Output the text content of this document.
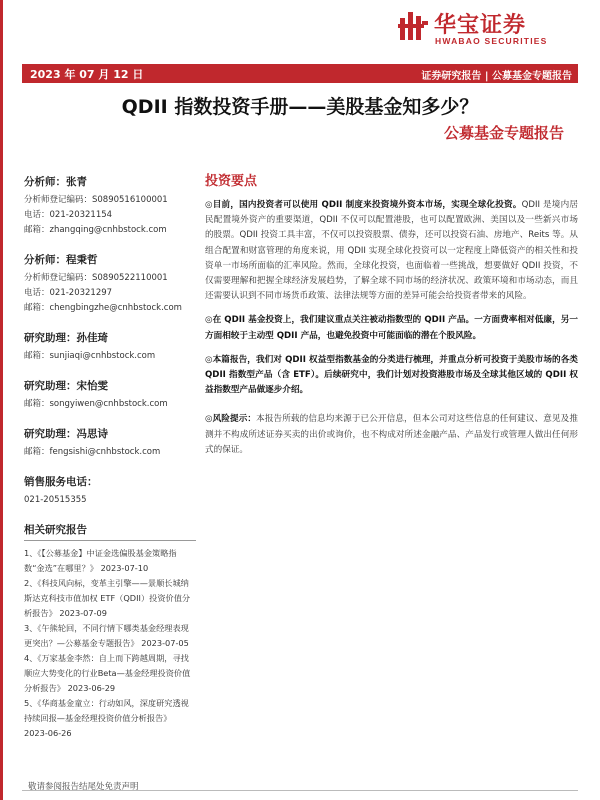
华宝证券
HWABAO SECURITIES
2023 年 07 月 12 日	证券研究报告 | 公募基金专题报告
QDII 指数投资手册——美股基金知多少？
公募基金专题报告
分析师：张青
分析师登记编码：S0890516100001
电话：021-20321154
邮箱：zhangqing@cnhbstock.com
分析师：程秉哲
分析师登记编码：S0890522110001
电话：021-20321297
邮箱：chengbingzhe@cnhbstock.com
研究助理：孙佳琦
邮箱：sunjiaqi@cnhbstock.com
研究助理：宋怡雯
邮箱：songyiwen@cnhbstock.com
研究助理：冯思诗
邮箱：fengsishi@cnhbstock.com
销售服务电话：
021-20515355
相关研究报告
1、《【公募基金】中证金选偏股基金策略指数“金选”在哪里？》 2023-07-10
2、《科技风向标，变革主引擎——景顺长城纳斯达克科技市值加权 ETF（QDII）投资价值分析报告》 2023-07-09
3、《午熊轮回，不同行情下哪类基金经理表现更突出？—公募基金专题报告》 2023-07-05
4、《万家基金李然：自上而下跨越周期，寻找顺应大势变化的行业Beta—基金经理投资价值分析报告》 2023-06-29
5、《华商基金童立：行动如风，深度研究透视持续回报—基金经理投资价值分析报告》 2023-06-26
投资要点
◎目前，国内投资者可以使用 QDII 制度来投资境外资本市场，实现全球化投资。QDII 是境内居民配置境外资产的重要渠道，QDII 不仅可以配置港股，也可以配置欧洲、美国以及一些新兴市场的股票。QDII 投资工具丰富，不仅可以投资股票、债券，还可以投资石油、房地产、Reits 等。从组合配置和财富管理的角度来说，用 QDII 实现全球化投资可以一定程度上降低资产的相关性和投资单一市场所面临的汇率风险。然而，全球化投资，也面临着一些挑战，想要做好 QDII 投资，不仅需要理解和把握全球经济发展趋势，了解全球不同市场的经济状况、政策环境和市场动态，而且还需要认识到不同市场货币政策、法律法规等方面的差异可能会给投资者带来的风险。
◎在 QDII 基金投资上，我们建议重点关注被动指数型的 QDII 产品。一方面费率相对低廉，另一方面相较于主动型 QDII 产品，也避免投资中可能面临的潜在个股风险。
◎本篇报告，我们对 QDII 权益型指数基金的分类进行梳理，并重点分析可投资于美股市场的各类 QDII 指数型产品（含 ETF）。后续研究中，我们计划对投资港股市场及全球其他区域的 QDII 权益指数型产品做逐步介绍。
◎风险提示：本报告所载的信息均来源于已公开信息，但本公司对这些信息的任何建议、意见及推测并不构成所述证券买卖的出价或询价，也不构成对所述金融产品、产品发行或管理人做出任何形式的保证。
敬请参阅报告结尾处免责声明
